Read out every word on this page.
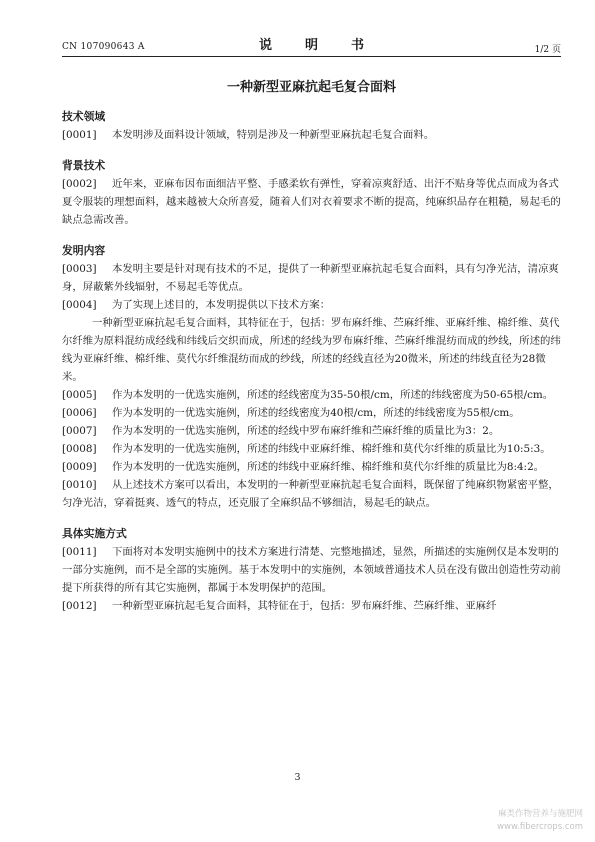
CN 107090643 A	说　明　书	1/2 页
一种新型亚麻抗起毛复合面料
技术领域
[0001] 本发明涉及面料设计领域，特别是涉及一种新型亚麻抗起毛复合面料。
背景技术
[0002] 近年来，亚麻布因布面细洁平整、手感柔软有弹性，穿着凉爽舒适、出汗不贴身等优点而成为各式夏令服装的理想面料，越来越被大众所喜爱，随着人们对衣着要求不断的提高，纯麻织品存在粗糙，易起毛的缺点急需改善。
发明内容
[0003] 本发明主要是针对现有技术的不足，提供了一种新型亚麻抗起毛复合面料，具有匀净光洁，清凉爽身，屏蔽紫外线辐射，不易起毛等优点。
[0004] 为了实现上述目的，本发明提供以下技术方案：
一种新型亚麻抗起毛复合面料，其特征在于，包括：罗布麻纤维、苎麻纤维、亚麻纤维、棉纤维、莫代尔纤维为原料混纺成经线和纬线后交织而成，所述的经线为罗布麻纤维、苎麻纤维混纺而成的纱线，所述的纬线为亚麻纤维、棉纤维、莫代尔纤维混纺而成的纱线，所述的经线直径为20微米，所述的纬线直径为28微米。
[0005] 作为本发明的一优选实施例，所述的经线密度为35-50根/cm，所述的纬线密度为50-65根/cm。
[0006] 作为本发明的一优选实施例，所述的经线密度为40根/cm，所述的纬线密度为55根/cm。
[0007] 作为本发明的一优选实施例，所述的经线中罗布麻纤维和苎麻纤维的质量比为3：2。
[0008] 作为本发明的一优选实施例，所述的纬线中亚麻纤维、棉纤维和莫代尔纤维的质量比为10:5:3。
[0009] 作为本发明的一优选实施例，所述的纬线中亚麻纤维、棉纤维和莫代尔纤维的质量比为8:4:2。
[0010] 从上述技术方案可以看出，本发明的一种新型亚麻抗起毛复合面料，既保留了纯麻织物紧密平整，匀净光洁，穿着挺爽、透气的特点，还克服了全麻织品不够细洁，易起毛的缺点。
具体实施方式
[0011] 下面将对本发明实施例中的技术方案进行清楚、完整地描述，显然，所描述的实施例仅是本发明的一部分实施例，而不是全部的实施例。基于本发明中的实施例，本领域普通技术人员在没有做出创造性劳动前提下所获得的所有其它实施例，都属于本发明保护的范围。
[0012] 一种新型亚麻抗起毛复合面料，其特征在于，包括：罗布麻纤维、苎麻纤维、亚麻纤
3
麻类作物营养与施肥网
www.fibercrops.com
